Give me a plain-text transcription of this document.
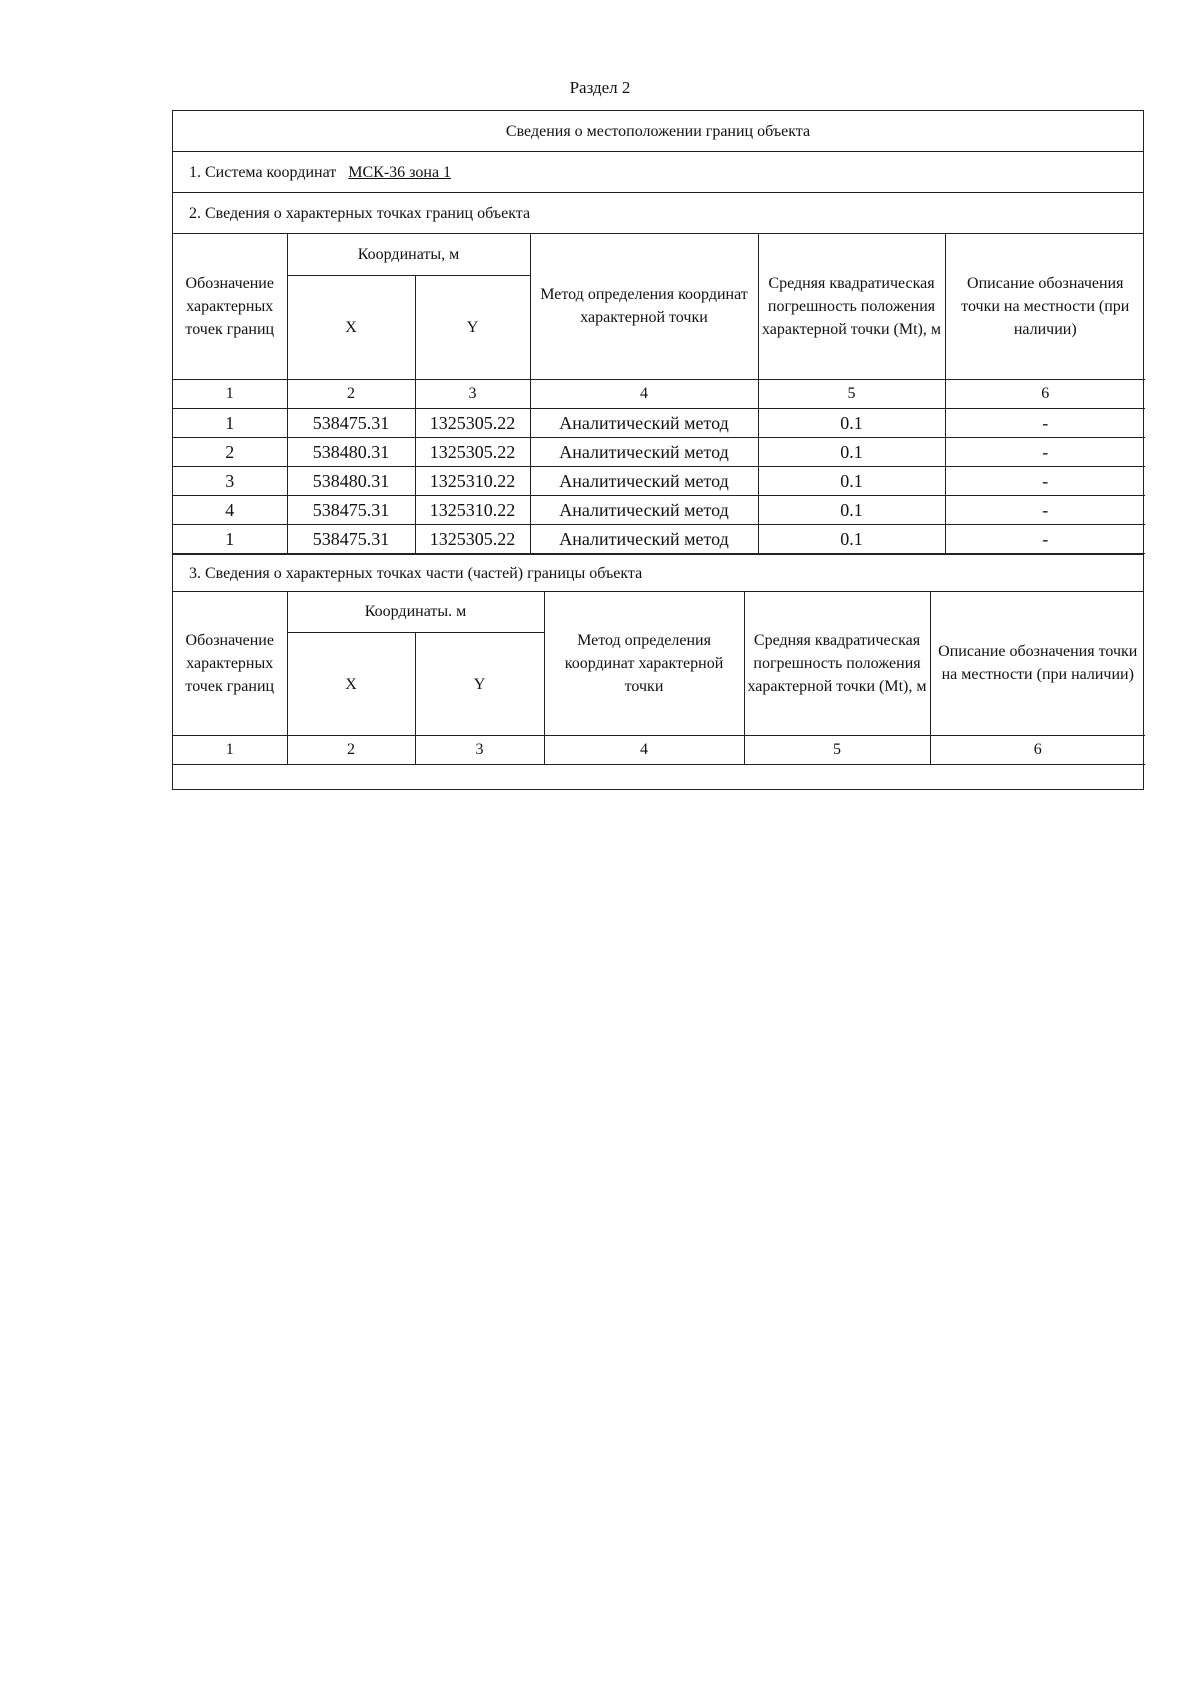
Раздел 2
Сведения о местоположении границ объекта
1. Система координат МСК-36 зона 1
2. Сведения о характерных точках границ объекта
Обозначение характерных точек границ	Координаты, м		Метод определения координат характерной точки	Средняя квадратическая погрешность положения характерной точки (Mt), м	Описание обозначения точки на местности (при наличии)
	X	Y			
1	2	3	4	5	6
1	538475.31	1325305.22	Аналитический метод	0.1	-
2	538480.31	1325305.22	Аналитический метод	0.1	-
3	538480.31	1325310.22	Аналитический метод	0.1	-
4	538475.31	1325310.22	Аналитический метод	0.1	-
1	538475.31	1325305.22	Аналитический метод	0.1	-
3. Сведения о характерных точках части (частей) границы объекта
Обозначение характерных точек границ	Координаты. м		Метод определения координат характерной точки	Средняя квадратическая погрешность положения характерной точки (Mt), м	Описание обозначения точки на местности (при наличии)
	X	Y			
1	2	3	4	5	6
